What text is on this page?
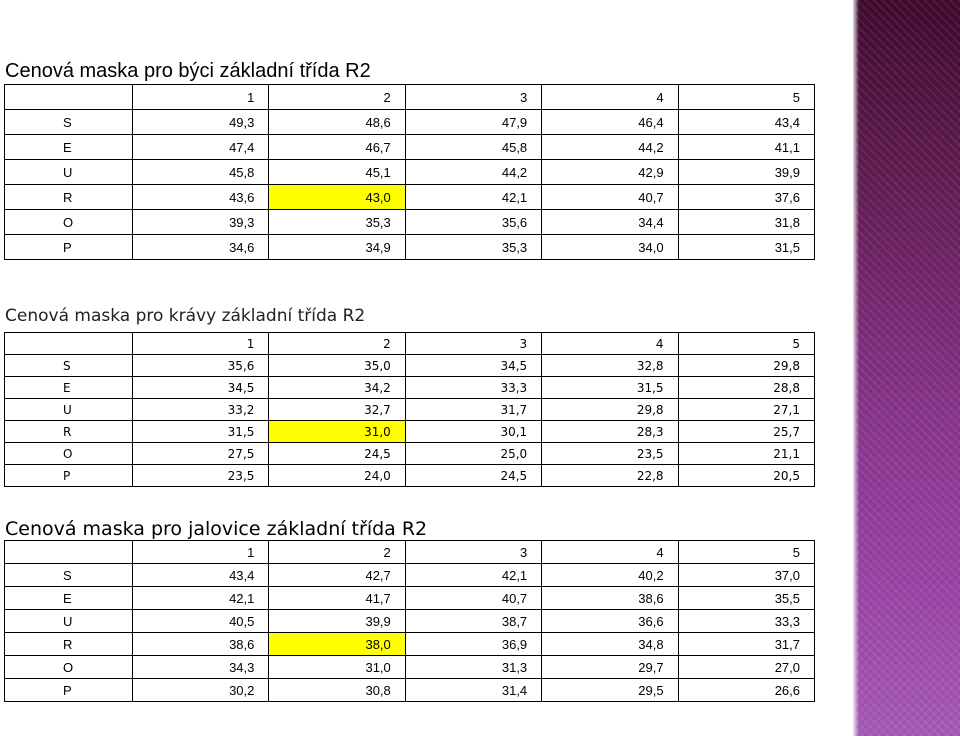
Cenová maska pro býci základní třída R2
	1	2	3	4	5
S	49,3	48,6	47,9	46,4	43,4
E	47,4	46,7	45,8	44,2	41,1
U	45,8	45,1	44,2	42,9	39,9
R	43,6	43,0	42,1	40,7	37,6
O	39,3	35,3	35,6	34,4	31,8
P	34,6	34,9	35,3	34,0	31,5
Cenová maska pro krávy základní třída R2
	1	2	3	4	5
S	35,6	35,0	34,5	32,8	29,8
E	34,5	34,2	33,3	31,5	28,8
U	33,2	32,7	31,7	29,8	27,1
R	31,5	31,0	30,1	28,3	25,7
O	27,5	24,5	25,0	23,5	21,1
P	23,5	24,0	24,5	22,8	20,5
Cenová maska pro jalovice základní třída R2
	1	2	3	4	5
S	43,4	42,7	42,1	40,2	37,0
E	42,1	41,7	40,7	38,6	35,5
U	40,5	39,9	38,7	36,6	33,3
R	38,6	38,0	36,9	34,8	31,7
O	34,3	31,0	31,3	29,7	27,0
P	30,2	30,8	31,4	29,5	26,6
